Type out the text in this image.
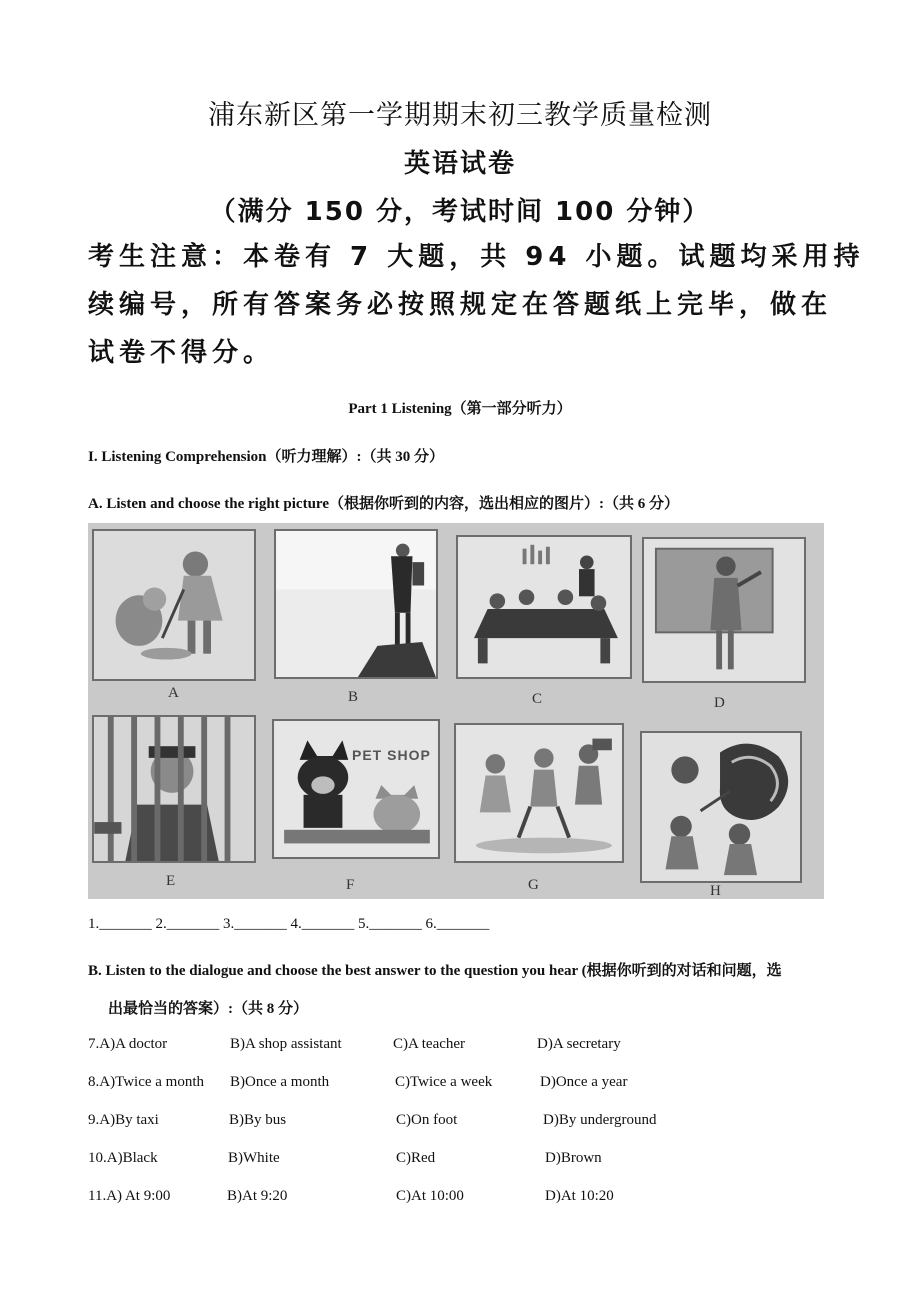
浦东新区第一学期期末初三教学质量检测
英语试卷
（满分 150 分，考试时间 100 分钟）
考生注意：本卷有 7 大题，共 94 小题。试题均采用持
续编号，所有答案务必按照规定在答题纸上完毕，做在
试卷不得分。
Part 1 Listening（第一部分听力）
I. Listening Comprehension（听力理解）:（共 30 分）
A. Listen and choose the right picture（根据你听到的内容，选出相应的图片）:（共 6 分）
A	B	C	D
E
PET SHOP
F	G	H
1._______ 2._______ 3._______ 4._______ 5._______ 6._______
B. Listen to the dialogue and choose the best answer to the question you hear (根据你听到的对话和问题，选
出最恰当的答案）:（共 8 分）
7.A)A doctor	B)A shop assistant	C)A teacher	D)A secretary
8.A)Twice a month B)Once a month	C)Twice a week	D)Once a year
9.A)By taxi	B)By bus	C)On foot	D)By underground
10.A)Black	B)White	C)Red	D)Brown
11.A) At 9:00	B)At 9:20	C)At 10:00	D)At 10:20
